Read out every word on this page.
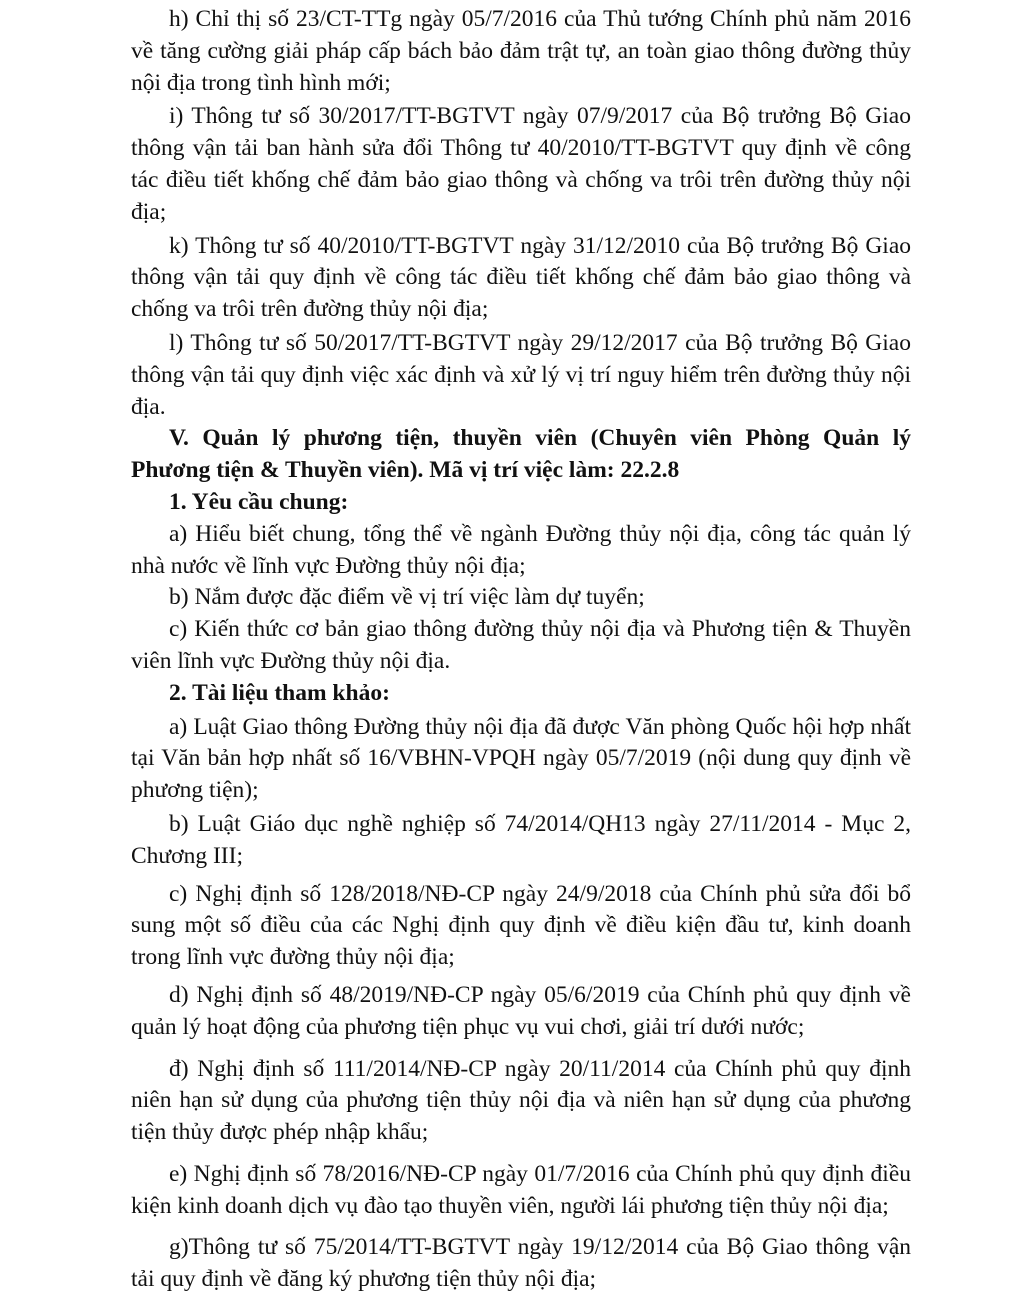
h) Chỉ thị số 23/CT-TTg ngày 05/7/2016 của Thủ tướng Chính phủ năm 2016 về tăng cường giải pháp cấp bách bảo đảm trật tự, an toàn giao thông đường thủy nội địa trong tình hình mới;

i) Thông tư số 30/2017/TT-BGTVT ngày 07/9/2017 của Bộ trưởng Bộ Giao thông vận tải ban hành sửa đổi Thông tư 40/2010/TT-BGTVT quy định về công tác điều tiết khống chế đảm bảo giao thông và chống va trôi trên đường thủy nội địa;

k) Thông tư số 40/2010/TT-BGTVT ngày 31/12/2010 của Bộ trưởng Bộ Giao thông vận tải quy định về công tác điều tiết khống chế đảm bảo giao thông và chống va trôi trên đường thủy nội địa;

l) Thông tư số 50/2017/TT-BGTVT ngày 29/12/2017 của Bộ trưởng Bộ Giao thông vận tải quy định việc xác định và xử lý vị trí nguy hiểm trên đường thủy nội địa.

V. Quản lý phương tiện, thuyền viên (Chuyên viên Phòng Quản lý Phương tiện & Thuyền viên). Mã vị trí việc làm: 22.2.8

1. Yêu cầu chung:

a) Hiểu biết chung, tổng thể về ngành Đường thủy nội địa, công tác quản lý nhà nước về lĩnh vực Đường thủy nội địa;

b) Nắm được đặc điểm về vị trí việc làm dự tuyển;

c) Kiến thức cơ bản giao thông đường thủy nội địa và Phương tiện & Thuyền viên lĩnh vực Đường thủy nội địa.

2. Tài liệu tham khảo:

a) Luật Giao thông Đường thủy nội địa đã được Văn phòng Quốc hội hợp nhất tại Văn bản hợp nhất số 16/VBHN-VPQH ngày 05/7/2019 (nội dung quy định về phương tiện);

b) Luật Giáo dục nghề nghiệp số 74/2014/QH13 ngày 27/11/2014 - Mục 2, Chương III;

c) Nghị định số 128/2018/NĐ-CP ngày 24/9/2018 của Chính phủ sửa đổi bổ sung một số điều của các Nghị định quy định về điều kiện đầu tư, kinh doanh trong lĩnh vực đường thủy nội địa;

d) Nghị định số 48/2019/NĐ-CP ngày 05/6/2019 của Chính phủ quy định về quản lý hoạt động của phương tiện phục vụ vui chơi, giải trí dưới nước;

đ) Nghị định số 111/2014/NĐ-CP ngày 20/11/2014 của Chính phủ quy định niên hạn sử dụng của phương tiện thủy nội địa và niên hạn sử dụng của phương tiện thủy được phép nhập khẩu;

e) Nghị định số 78/2016/NĐ-CP ngày 01/7/2016 của Chính phủ quy định điều kiện kinh doanh dịch vụ đào tạo thuyền viên, người lái phương tiện thủy nội địa;

g)Thông tư số 75/2014/TT-BGTVT ngày 19/12/2014 của Bộ Giao thông vận tải quy định về đăng ký phương tiện thủy nội địa;
